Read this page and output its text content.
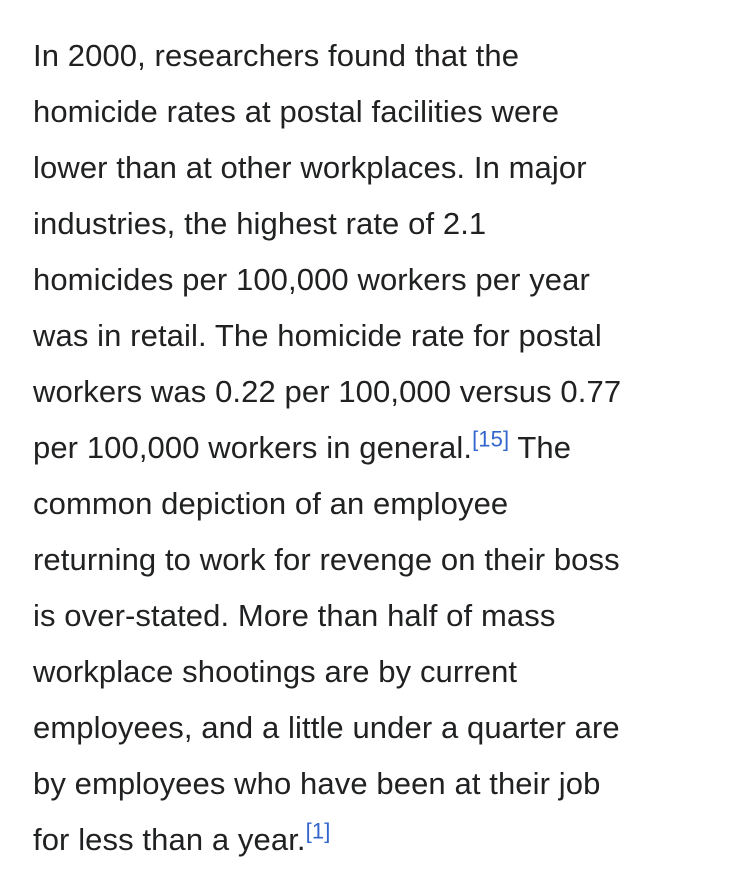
In 2000, researchers found that the
homicide rates at postal facilities were
lower than at other workplaces. In major
industries, the highest rate of 2.1
homicides per 100,000 workers per year
was in retail. The homicide rate for postal
workers was 0.22 per 100,000 versus 0.77
per 100,000 workers in general.[15] The
common depiction of an employee
returning to work for revenge on their boss
is over-stated. More than half of mass
workplace shootings are by current
employees, and a little under a quarter are
by employees who have been at their job
for less than a year.[1]
